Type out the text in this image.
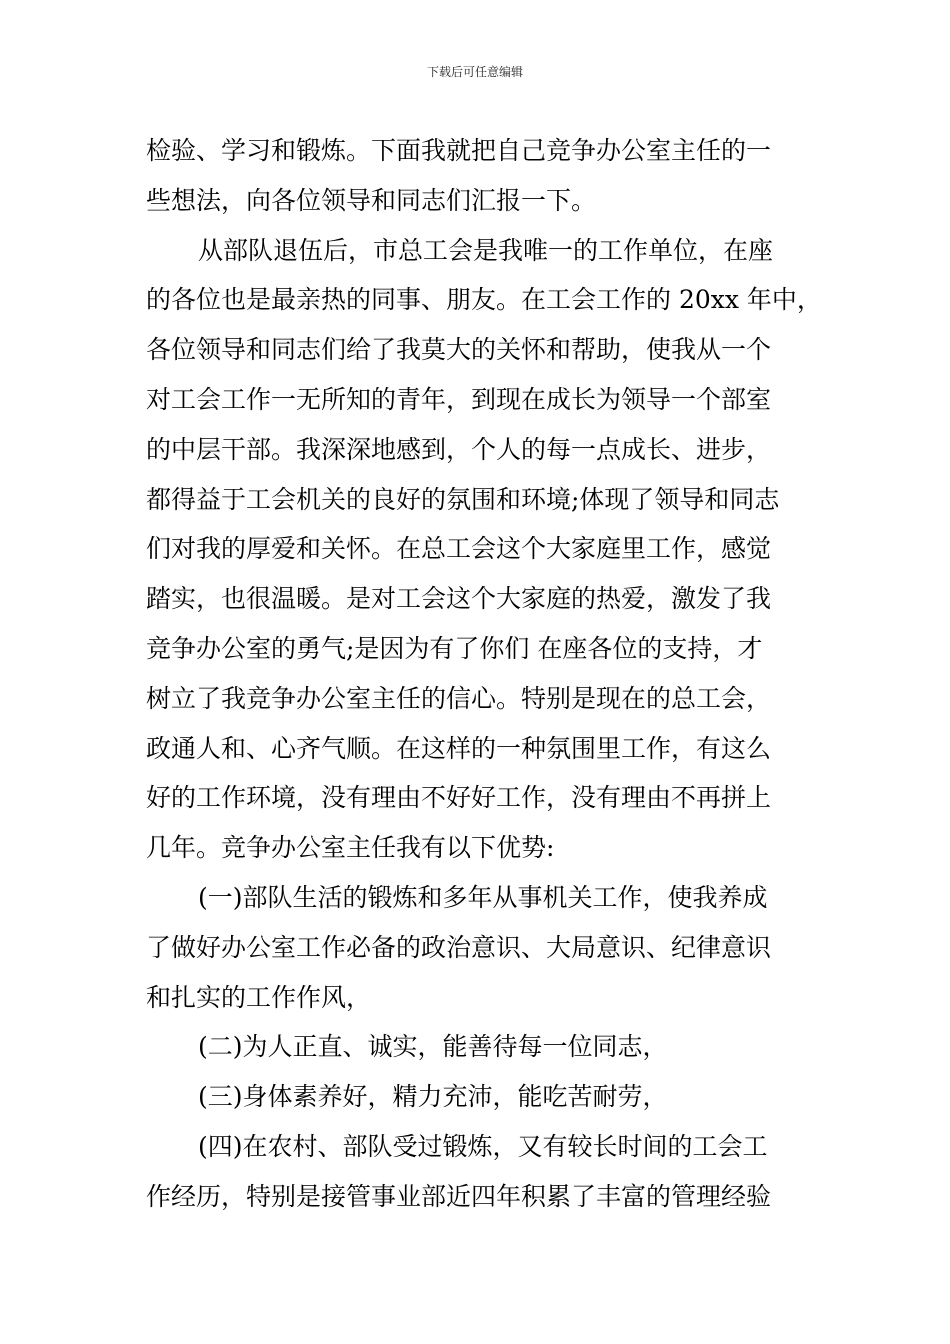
下载后可任意编辑
检验、学习和锻炼。下面我就把自己竞争办公室主任的一
些想法，向各位领导和同志们汇报一下。
从部队退伍后，市总工会是我唯一的工作单位，在座
的各位也是最亲热的同事、朋友。在工会工作的 20xx 年中，
各位领导和同志们给了我莫大的关怀和帮助，使我从一个
对工会工作一无所知的青年，到现在成长为领导一个部室
的中层干部。我深深地感到，个人的每一点成长、进步，
都得益于工会机关的良好的氛围和环境;体现了领导和同志
们对我的厚爱和关怀。在总工会这个大家庭里工作，感觉
踏实，也很温暖。是对工会这个大家庭的热爱，激发了我
竞争办公室的勇气;是因为有了你们 在座各位的支持，才
树立了我竞争办公室主任的信心。特别是现在的总工会，
政通人和、心齐气顺。在这样的一种氛围里工作，有这么
好的工作环境，没有理由不好好工作，没有理由不再拼上
几年。竞争办公室主任我有以下优势:
(一)部队生活的锻炼和多年从事机关工作，使我养成
了做好办公室工作必备的政治意识、大局意识、纪律意识
和扎实的工作作风，
(二)为人正直、诚实，能善待每一位同志，
(三)身体素养好，精力充沛，能吃苦耐劳，
(四)在农村、部队受过锻炼，又有较长时间的工会工
作经历，特别是接管事业部近四年积累了丰富的管理经验
